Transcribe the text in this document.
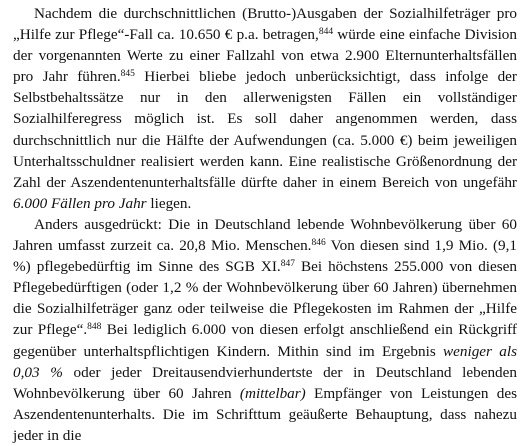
Nachdem die durchschnittlichen (Brutto-)Ausgaben der Sozialhilfeträger pro „Hilfe zur Pflege“-Fall ca. 10.650 € p.a. betragen,$^{844}$ würde eine einfache Division der vorgenannten Werte zu einer Fallzahl von etwa 2.900 Elternunterhaltsfällen pro Jahr führen.$^{845}$ Hierbei bliebe jedoch unberücksichtigt, dass infolge der Selbstbehaltssätze nur in den allerwenigsten Fällen ein vollständiger Sozialhilferegress möglich ist. Es soll daher angenommen werden, dass durchschnittlich nur die Hälfte der Aufwendungen (ca. 5.000 €) beim jeweiligen Unterhaltsschuldner realisiert werden kann. Eine realistische Größenordnung der Zahl der Aszendentenunterhaltsfälle dürfte daher in einem Bereich von ungefähr 6.000 Fällen pro Jahr liegen.

Anders ausgedrückt: Die in Deutschland lebende Wohnbevölkerung über 60 Jahren umfasst zurzeit ca. 20,8 Mio. Menschen.$^{846}$ Von diesen sind 1,9 Mio. (9,1 %) pflegebedürftig im Sinne des SGB XI.$^{847}$ Bei höchstens 255.000 von diesen Pflegebedürftigen (oder 1,2 % der Wohnbevölkerung über 60 Jahren) übernehmen die Sozialhilfeträger ganz oder teilweise die Pflegekosten im Rahmen der „Hilfe zur Pflege“.$^{848}$ Bei lediglich 6.000 von diesen erfolgt anschließend ein Rückgriff gegenüber unterhaltspflichtigen Kindern. Mithin sind im Ergebnis weniger als 0,03 % oder jeder Dreitausendvierhundertste der in Deutschland lebenden Wohnbevölkerung über 60 Jahren (mittelbar) Empfänger von Leistungen des Aszendentenunterhalts. Die im Schrifttum geäußerte Behauptung, dass nahezu jeder in die
